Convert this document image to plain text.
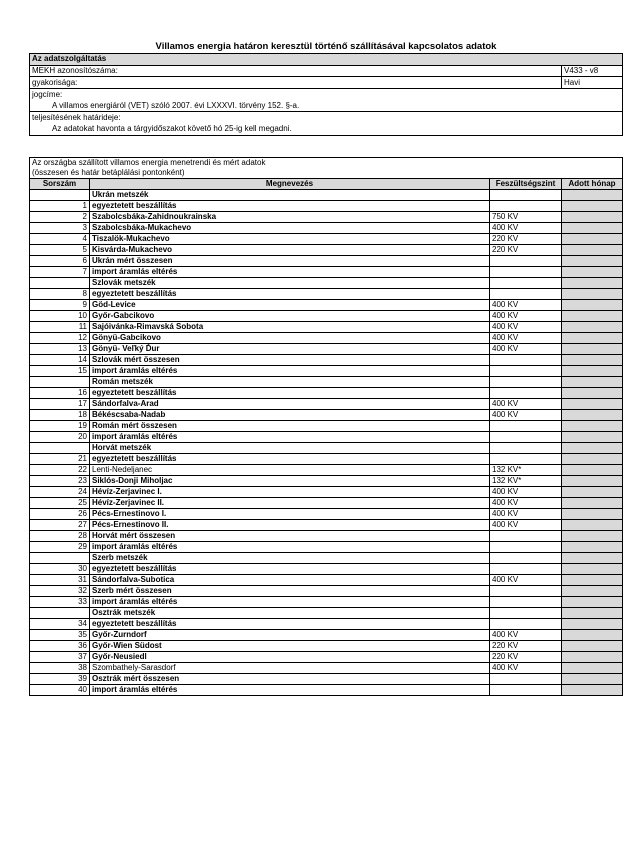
Villamos energia határon keresztül történő szállításával kapcsolatos adatok
Az adatszolgáltatás	
MEKH azonosítószáma:	V433 - v8
gyakorisága:	Havi
jogcíme:	
A villamos energiáról (VET) szóló 2007. évi LXXXVI. törvény 152. §-a.	
teljesítésének határideje:	
Az adatokat havonta a tárgyidőszakot követő hó 25-ig kell megadni.	
Az országba szállított villamos energia menetrendi és mért adatok			
(összesen és határ betáplálási pontonként)			
Sorszám	Megnevezés	Feszültségszint	Adott hónap
	Ukrán metszék		
1	egyeztetett beszállítás		
2	Szabolcsbáka-Zahidnoukrainska	750 KV	
3	Szabolcsbáka-Mukachevo	400 KV	
4	Tiszalök-Mukachevo	220 KV	
5	Kisvárda-Mukachevo	220 KV	
6	Ukrán mért összesen		
7	import áramlás eltérés		
	Szlovák metszék		
8	egyeztetett beszállítás		
9	Göd-Levice	400 KV	
10	Győr-Gabcikovo	400 KV	
11	Sajóivánka-Rimavská Sobota	400 KV	
12	Gönyü-Gabcikovo	400 KV	
13	Gönyü- Veľký Ďur	400 KV	
14	Szlovák mért összesen		
15	import áramlás eltérés		
	Román metszék		
16	egyeztetett beszállítás		
17	Sándorfalva-Arad	400 KV	
18	Békéscsaba-Nadab	400 KV	
19	Román mért összesen		
20	import áramlás eltérés		
	Horvát metszék		
21	egyeztetett beszállítás		
22	Lenti-Nedeljanec	132 KV*	
23	Siklós-Donji Miholjac	132 KV*	
24	Hévíz-Zerjavinec I.	400 KV	
25	Hévíz-Zerjavinec II.	400 KV	
26	Pécs-Ernestinovo I.	400 KV	
27	Pécs-Ernestinovo II.	400 KV	
28	Horvát mért összesen		
29	import áramlás eltérés		
	Szerb metszék		
30	egyeztetett beszállítás		
31	Sándorfalva-Subotica	400 KV	
32	Szerb mért összesen		
33	import áramlás eltérés		
	Osztrák metszék		
34	egyeztetett beszállítás		
35	Győr-Zurndorf	400 KV	
36	Győr-Wien Südost	220 KV	
37	Győr-Neusiedl	220 KV	
38	Szombathely-Sarasdorf	400 KV	
39	Osztrák mért összesen		
40	import áramlás eltérés		
